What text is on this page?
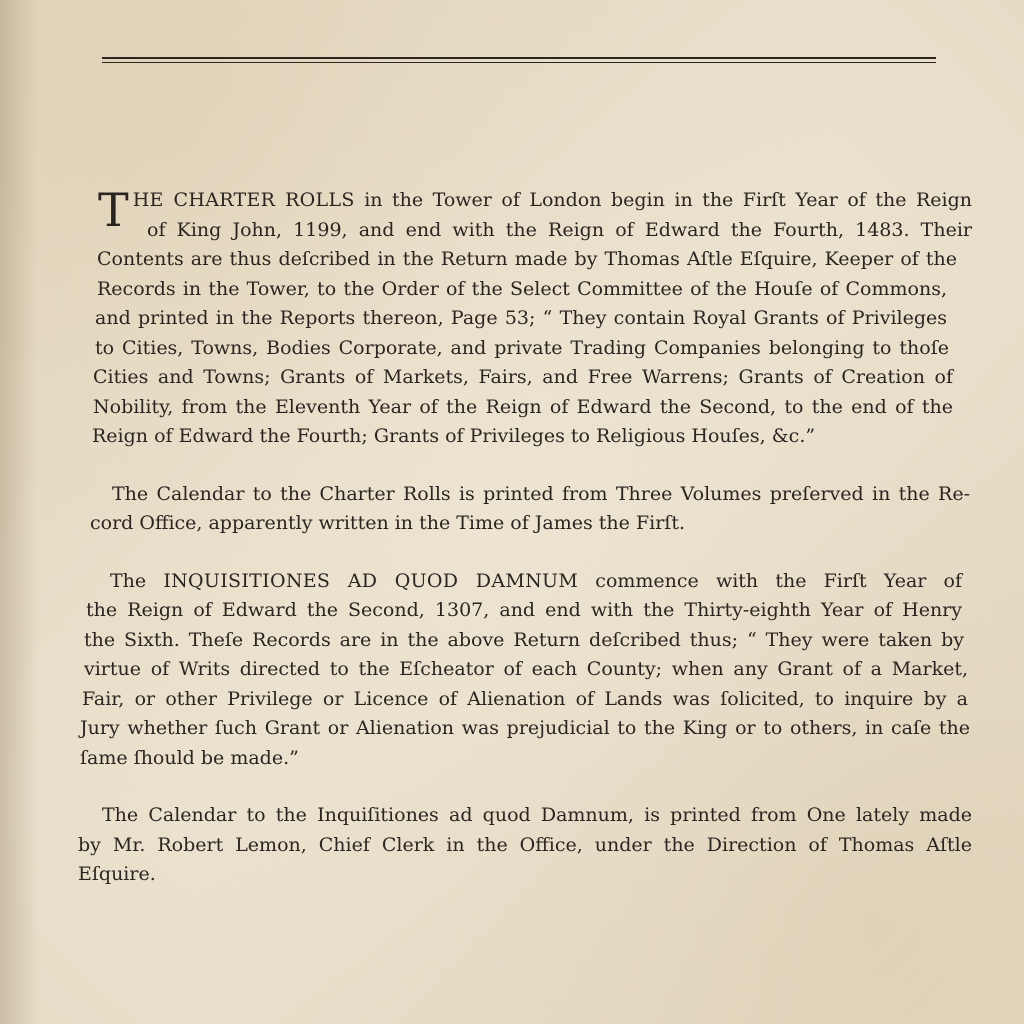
T HE CHARTER ROLLS in the Tower of London begin in the Firſt Year of the Reign
of King John, 1199, and end with the Reign of Edward the Fourth, 1483. Their
Contents are thus deſcribed in the Return made by Thomas Aſtle Eſquire, Keeper of the
Records in the Tower, to the Order of the Select Committee of the Houſe of Commons,
and printed in the Reports thereon, Page 53; “ They contain Royal Grants of Privileges
to Cities, Towns, Bodies Corporate, and private Trading Companies belonging to thoſe
Cities and Towns; Grants of Markets, Fairs, and Free Warrens; Grants of Creation of
Nobility, from the Eleventh Year of the Reign of Edward the Second, to the end of the
Reign of Edward the Fourth; Grants of Privileges to Religious Houſes, &c.”
The Calendar to the Charter Rolls is printed from Three Volumes preſerved in the Re-
cord Office, apparently written in the Time of James the Firſt.
The INQUISITIONES AD QUOD DAMNUM commence with the Firſt Year of
the Reign of Edward the Second, 1307, and end with the Thirty-eighth Year of Henry
the Sixth. Theſe Records are in the above Return deſcribed thus; “ They were taken by
virtue of Writs directed to the Eſcheator of each County; when any Grant of a Market,
Fair, or other Privilege or Licence of Alienation of Lands was ſolicited, to inquire by a
Jury whether ſuch Grant or Alienation was prejudicial to the King or to others, in caſe the
ſame ſhould be made.”
The Calendar to the Inquiſitiones ad quod Damnum, is printed from One lately made
by Mr. Robert Lemon, Chief Clerk in the Office, under the Direction of Thomas Aſtle
Eſquire.
